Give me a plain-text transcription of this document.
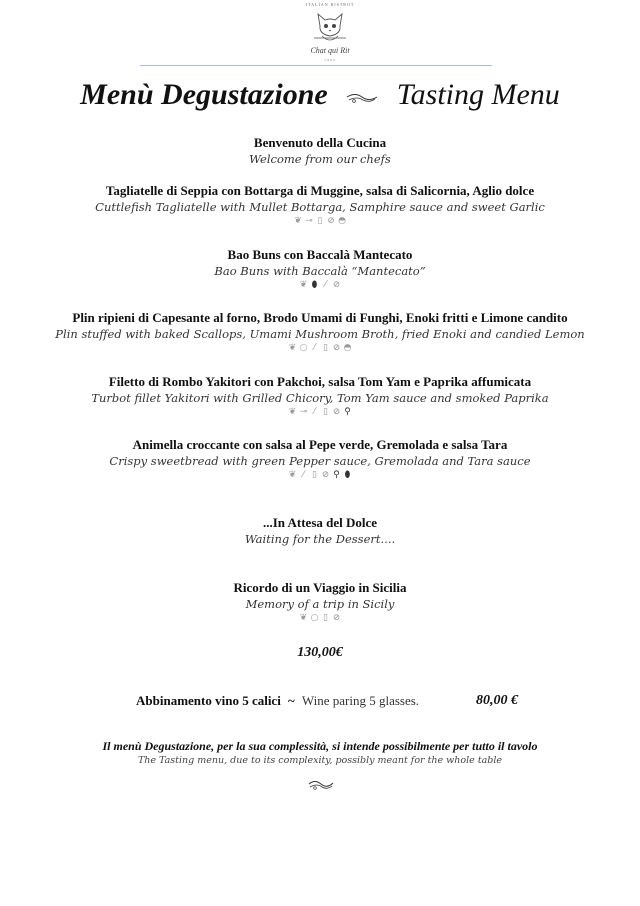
ITALIAN BISTROT
Chat qui Rit
1992
Menù Degustazione Tasting Menu
Benvenuto della Cucina
Welcome from our chefs
Tagliatelle di Seppia con Bottarga di Muggine, salsa di Salicornia, Aglio dolce
Cuttlefish Tagliatelle with Mullet Bottarga, Samphire sauce and sweet Garlic
❦ ⊸ ▯ ⊘ ◓
Bao Buns con Baccalà Mantecato
Bao Buns with Baccalà “Mantecato”
❦ ⬮ ⁄ ⊘
Plin ripieni di Capesante al forno, Brodo Umami di Funghi, Enoki fritti e Limone candito
Plin stuffed with baked Scallops, Umami Mushroom Broth, fried Enoki and candied Lemon
❦ ○ ⁄ ▯ ⊘ ◓
Filetto di Rombo Yakitori con Pakchoi, salsa Tom Yam e Paprika affumicata
Turbot fillet Yakitori with Grilled Chicory, Tom Yam sauce and smoked Paprika
❦ ⊸ ⁄ ▯ ⊘ ⚲
Animella croccante con salsa al Pepe verde, Gremolada e salsa Tara
Crispy sweetbread with green Pepper sauce, Gremolada and Tara sauce
❦ ⁄ ▯ ⊘ ⚲ ⬮
...In Attesa del Dolce
Waiting for the Dessert....
Ricordo di un Viaggio in Sicilia
Memory of a trip in Sicily
❦ ○ ▯ ⊘
130,00€
Abbinamento vino 5 calici ~ Wine paring 5 glasses.	80,00 €
Il menù Degustazione, per la sua complessità, si intende possibilmente per tutto il tavolo
The Tasting menu, due to its complexity, possibly meant for the whole table
